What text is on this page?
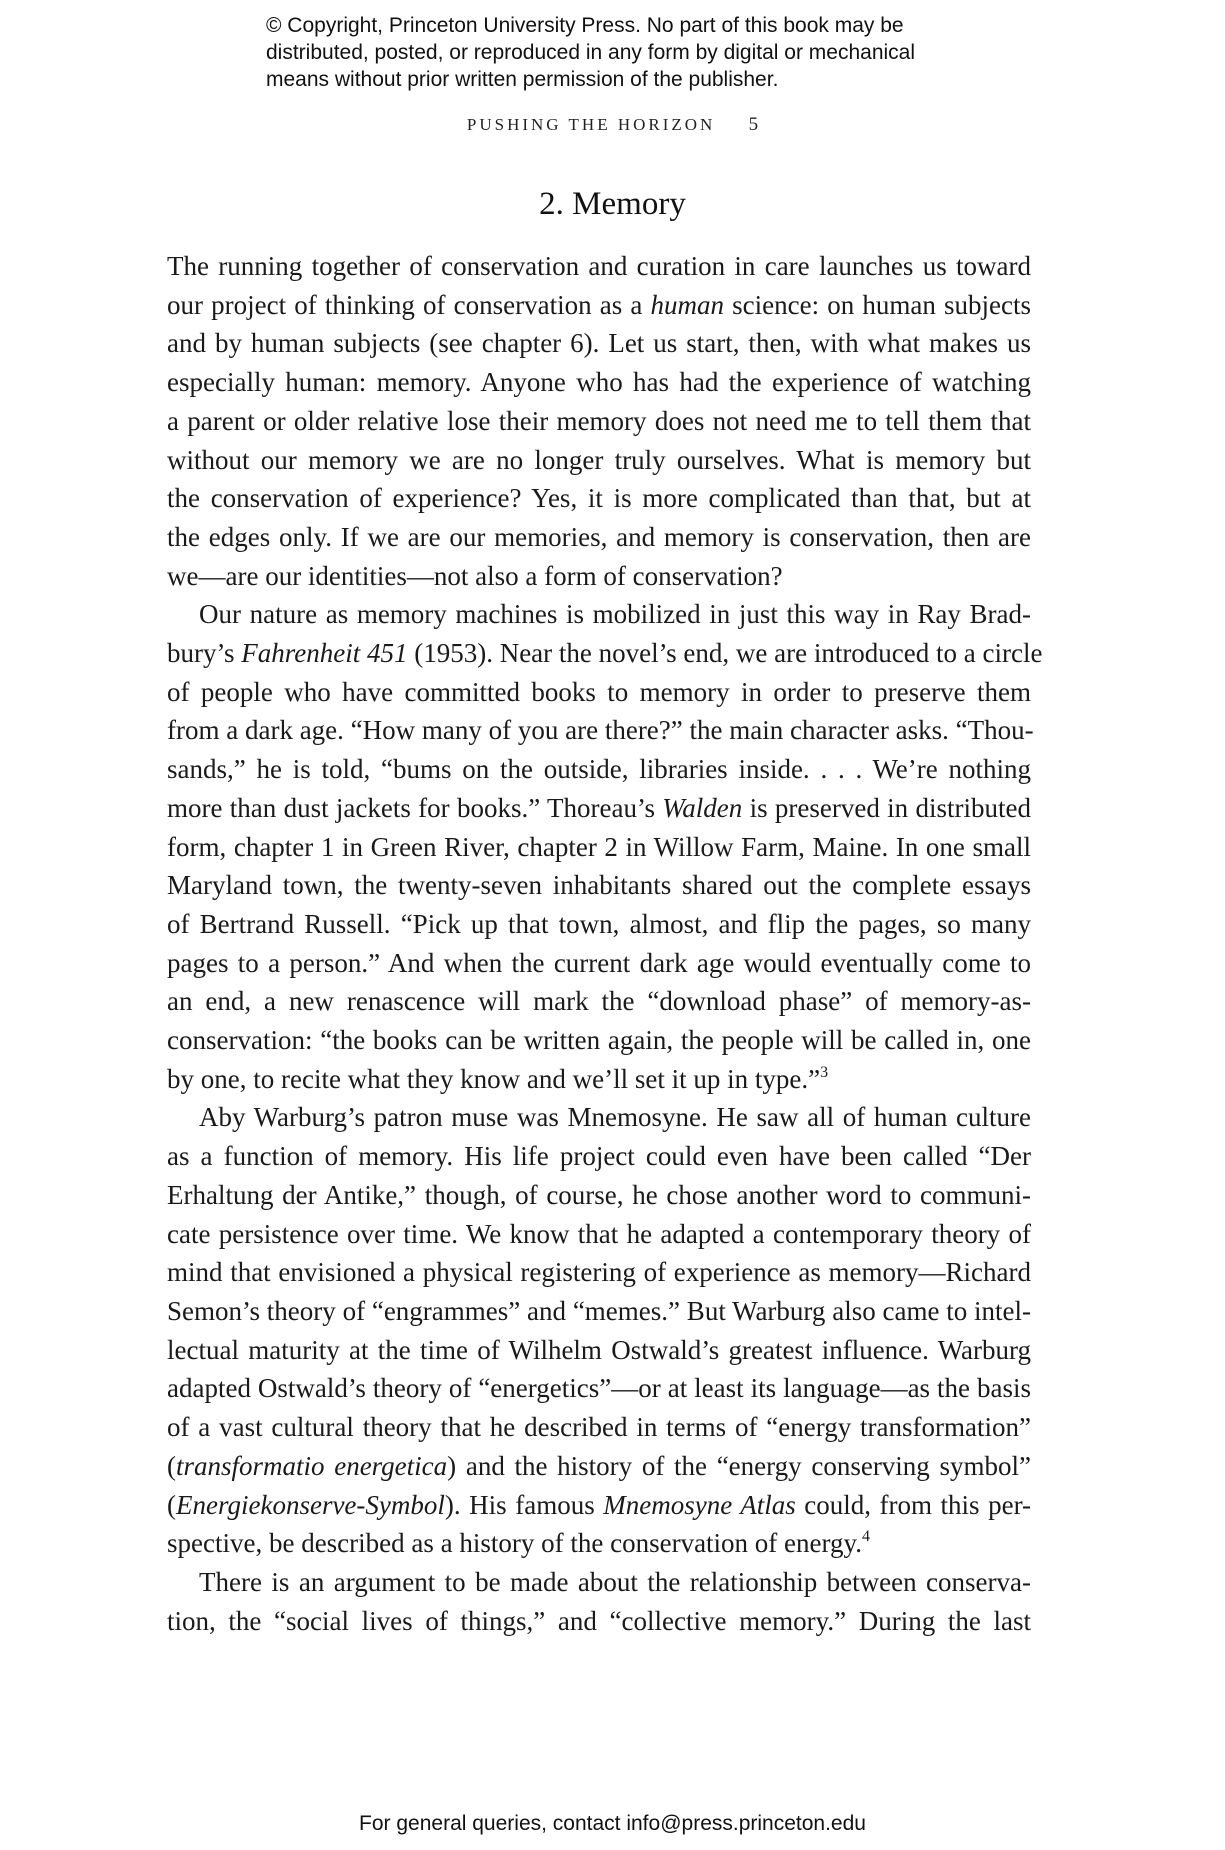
© Copyright, Princeton University Press. No part of this book may be
distributed, posted, or reproduced in any form by digital or mechanical
means without prior written permission of the publisher.
PUSHING THE HORIZON 5
2. Memory

The running together of conservation and curation in care launches us toward
our project of thinking of conservation as a human science: on human subjects
and by human subjects (see chapter 6). Let us start, then, with what makes us
especially human: memory. Anyone who has had the experience of watching
a parent or older relative lose their memory does not need me to tell them that
without our memory we are no longer truly ourselves. What is memory but
the conservation of experience? Yes, it is more complicated than that, but at
the edges only. If we are our memories, and memory is conservation, then are
we—are our identities—not also a form of conservation?

Our nature as memory machines is mobilized in just this way in Ray Brad-
bury’s Fahrenheit 451 (1953). Near the novel’s end, we are introduced to a circle
of people who have committed books to memory in order to preserve them
from a dark age. “How many of you are there?” the main character asks. “Thou-
sands,” he is told, “bums on the outside, libraries inside. . . . We’re nothing
more than dust jackets for books.” Thoreau’s Walden is preserved in distributed
form, chapter 1 in Green River, chapter 2 in Willow Farm, Maine. In one small
Maryland town, the twenty-seven inhabitants shared out the complete essays
of Bertrand Russell. “Pick up that town, almost, and flip the pages, so many
pages to a person.” And when the current dark age would eventually come to
an end, a new renascence will mark the “download phase” of memory-as-
conservation: “the books can be written again, the people will be called in, one
by one, to recite what they know and we’ll set it up in type.”$^3$

Aby Warburg’s patron muse was Mnemosyne. He saw all of human culture
as a function of memory. His life project could even have been called “Der
Erhaltung der Antike,” though, of course, he chose another word to communi-
cate persistence over time. We know that he adapted a contemporary theory of
mind that envisioned a physical registering of experience as memory—Richard
Semon’s theory of “engrammes” and “memes.” But Warburg also came to intel-
lectual maturity at the time of Wilhelm Ostwald’s greatest influence. Warburg
adapted Ostwald’s theory of “energetics”—or at least its language—as the basis
of a vast cultural theory that he described in terms of “energy transformation”
(transformatio energetica) and the history of the “energy conserving symbol”
(Energiekonserve-Symbol). His famous Mnemosyne Atlas could, from this per-
spective, be described as a history of the conservation of energy.$^4$

There is an argument to be made about the relationship between conserva-
tion, the “social lives of things,” and “collective memory.” During the last

For general queries, contact info@press.princeton.edu
